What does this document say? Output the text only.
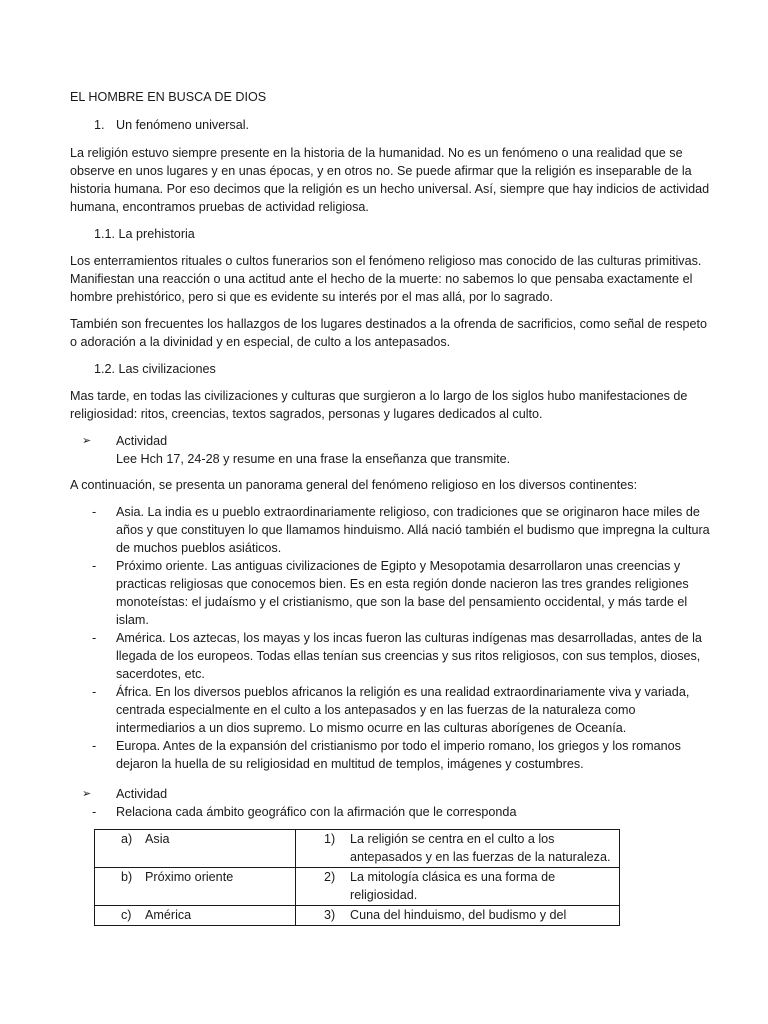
EL HOMBRE EN BUSCA DE DIOS

1. Un fenómeno universal.

La religión estuvo siempre presente en la historia de la humanidad. No es un fenómeno o una realidad que se observe en unos lugares y en unas épocas, y en otros no. Se puede afirmar que la religión es inseparable de la historia humana. Por eso decimos que la religión es un hecho universal. Así, siempre que hay indicios de actividad humana, encontramos pruebas de actividad religiosa.

1.1. La prehistoria

Los enterramientos rituales o cultos funerarios son el fenómeno religioso mas conocido de las culturas primitivas. Manifiestan una reacción o una actitud ante el hecho de la muerte: no sabemos lo que pensaba exactamente el hombre prehistórico, pero si que es evidente su interés por el mas allá, por lo sagrado.

También son frecuentes los hallazgos de los lugares destinados a la ofrenda de sacrificios, como señal de respeto o adoración a la divinidad y en especial, de culto a los antepasados.

1.2. Las civilizaciones

Mas tarde, en todas las civilizaciones y culturas que surgieron a lo largo de los siglos hubo manifestaciones de religiosidad: ritos, creencias, textos sagrados, personas y lugares dedicados al culto.

➢	Actividad

Lee Hch 17, 24-28 y resume en una frase la enseñanza que transmite.

A continuación, se presenta un panorama general del fenómeno religioso en los diversos continentes:

-	Asia. La india es u pueblo extraordinariamente religioso, con tradiciones que se originaron hace miles de años y que constituyen lo que llamamos hinduismo. Allá nació también el budismo que impregna la cultura de muchos pueblos asiáticos.
-	Próximo oriente. Las antiguas civilizaciones de Egipto y Mesopotamia desarrollaron unas creencias y practicas religiosas que conocemos bien. Es en esta región donde nacieron las tres grandes religiones monoteístas: el judaísmo y el cristianismo, que son la base del pensamiento occidental, y más tarde el islam.
-	América. Los aztecas, los mayas y los incas fueron las culturas indígenas mas desarrolladas, antes de la llegada de los europeos. Todas ellas tenían sus creencias y sus ritos religiosos, con sus templos, dioses, sacerdotes, etc.
-	África. En los diversos pueblos africanos la religión es una realidad extraordinariamente viva y variada, centrada especialmente en el culto a los antepasados y en las fuerzas de la naturaleza como intermediarios a un dios supremo. Lo mismo ocurre en las culturas aborígenes de Oceanía.
-	Europa. Antes de la expansión del cristianismo por todo el imperio romano, los griegos y los romanos dejaron la huella de su religiosidad en multitud de templos, imágenes y costumbres.
➢	Actividad
-	Relaciona cada ámbito geográfico con la afirmación que le corresponda
a) Asia	1) La religión se centra en el culto a los antepasados y en las fuerzas de la naturaleza.

b) Próximo oriente	2) La mitología clásica es una forma de religiosidad.

c) América	3) Cuna del hinduismo, del budismo y del
